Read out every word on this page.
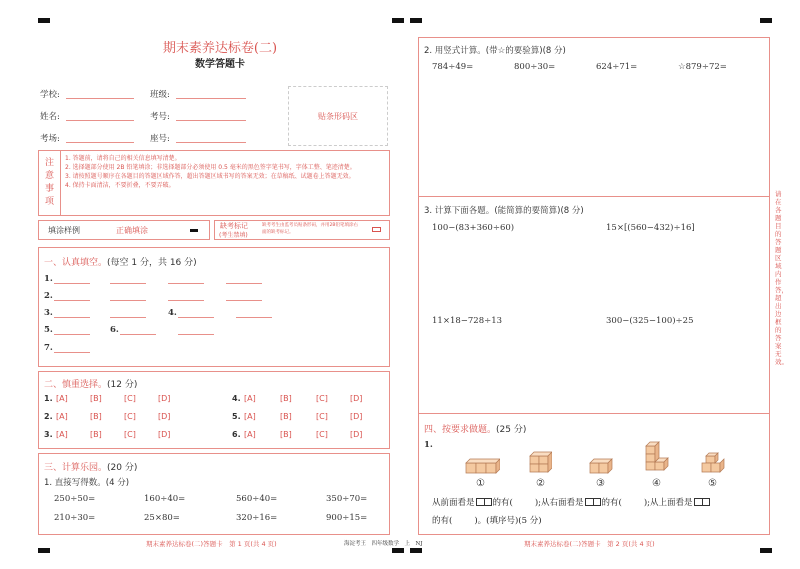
期末素养达标卷(二)
数学答题卡
学校:	班级:
姓名:	考号:
考场:	座号:
贴条形码区
注
意
事
项
1. 答题前，请将自己的相关信息填写清楚。
2. 选择题部分使用 2B 铅笔填涂；非选择题部分必须使用 0.5 毫米的黑色签字笔书写，字体工整、笔迹清楚。
3. 请按照题号顺序在各题目的答题区域作答，超出答题区域书写的答案无效；在草稿纸、试题卷上答题无效。
4. 保持卡面清洁，不要折叠，不要弄破。
填涂样例	正确填涂	缺考标记
(考生禁填)
缺考考生由监考员贴条形码，并用2B铅笔填涂右面的缺考标记。
一、认真填空。(每空 1 分，共 16 分)
1.
2.
3.	4.
5.	6.
7.
二、慎重选择。(12 分)
1. [A]	[B]	[C]	[D]	4. [A]	[B]	[C]	[D]
2. [A]	[B]	[C]	[D]	5. [A]	[B]	[C]	[D]
3. [A]	[B]	[C]	[D]	6. [A]	[B]	[C]	[D]
三、计算乐园。(20 分)
1. 直接写得数。(4 分)
250÷50=	160÷40=	560÷40=	350÷70=
210÷30=	25×80=	320÷16=	900÷15=
期末素养达标卷(二)答题卡　第 1 页(共 4 页)	海淀考王　四年级数学　上　NJ
2. 用竖式计算。(带☆的要验算)(8 分)
784÷49=	800÷30=	624÷71=	☆879÷72=
3. 计算下面各题。(能简算的要简算)(8 分)
100−(83+360÷60)	15×[(560−432)÷16]
11×18−728÷13	300−(325−100)÷25
四、按要求做题。(25 分)
1.
①	②	③	④	⑤
从前面看是 的有(	);从右面看是 的有(	);从上面看是
的有(	)。(填序号)(5 分)
请在各题目的答题区域内作答，超出边框的答案无效。
期末素养达标卷(二)答题卡　第 2 页(共 4 页)
